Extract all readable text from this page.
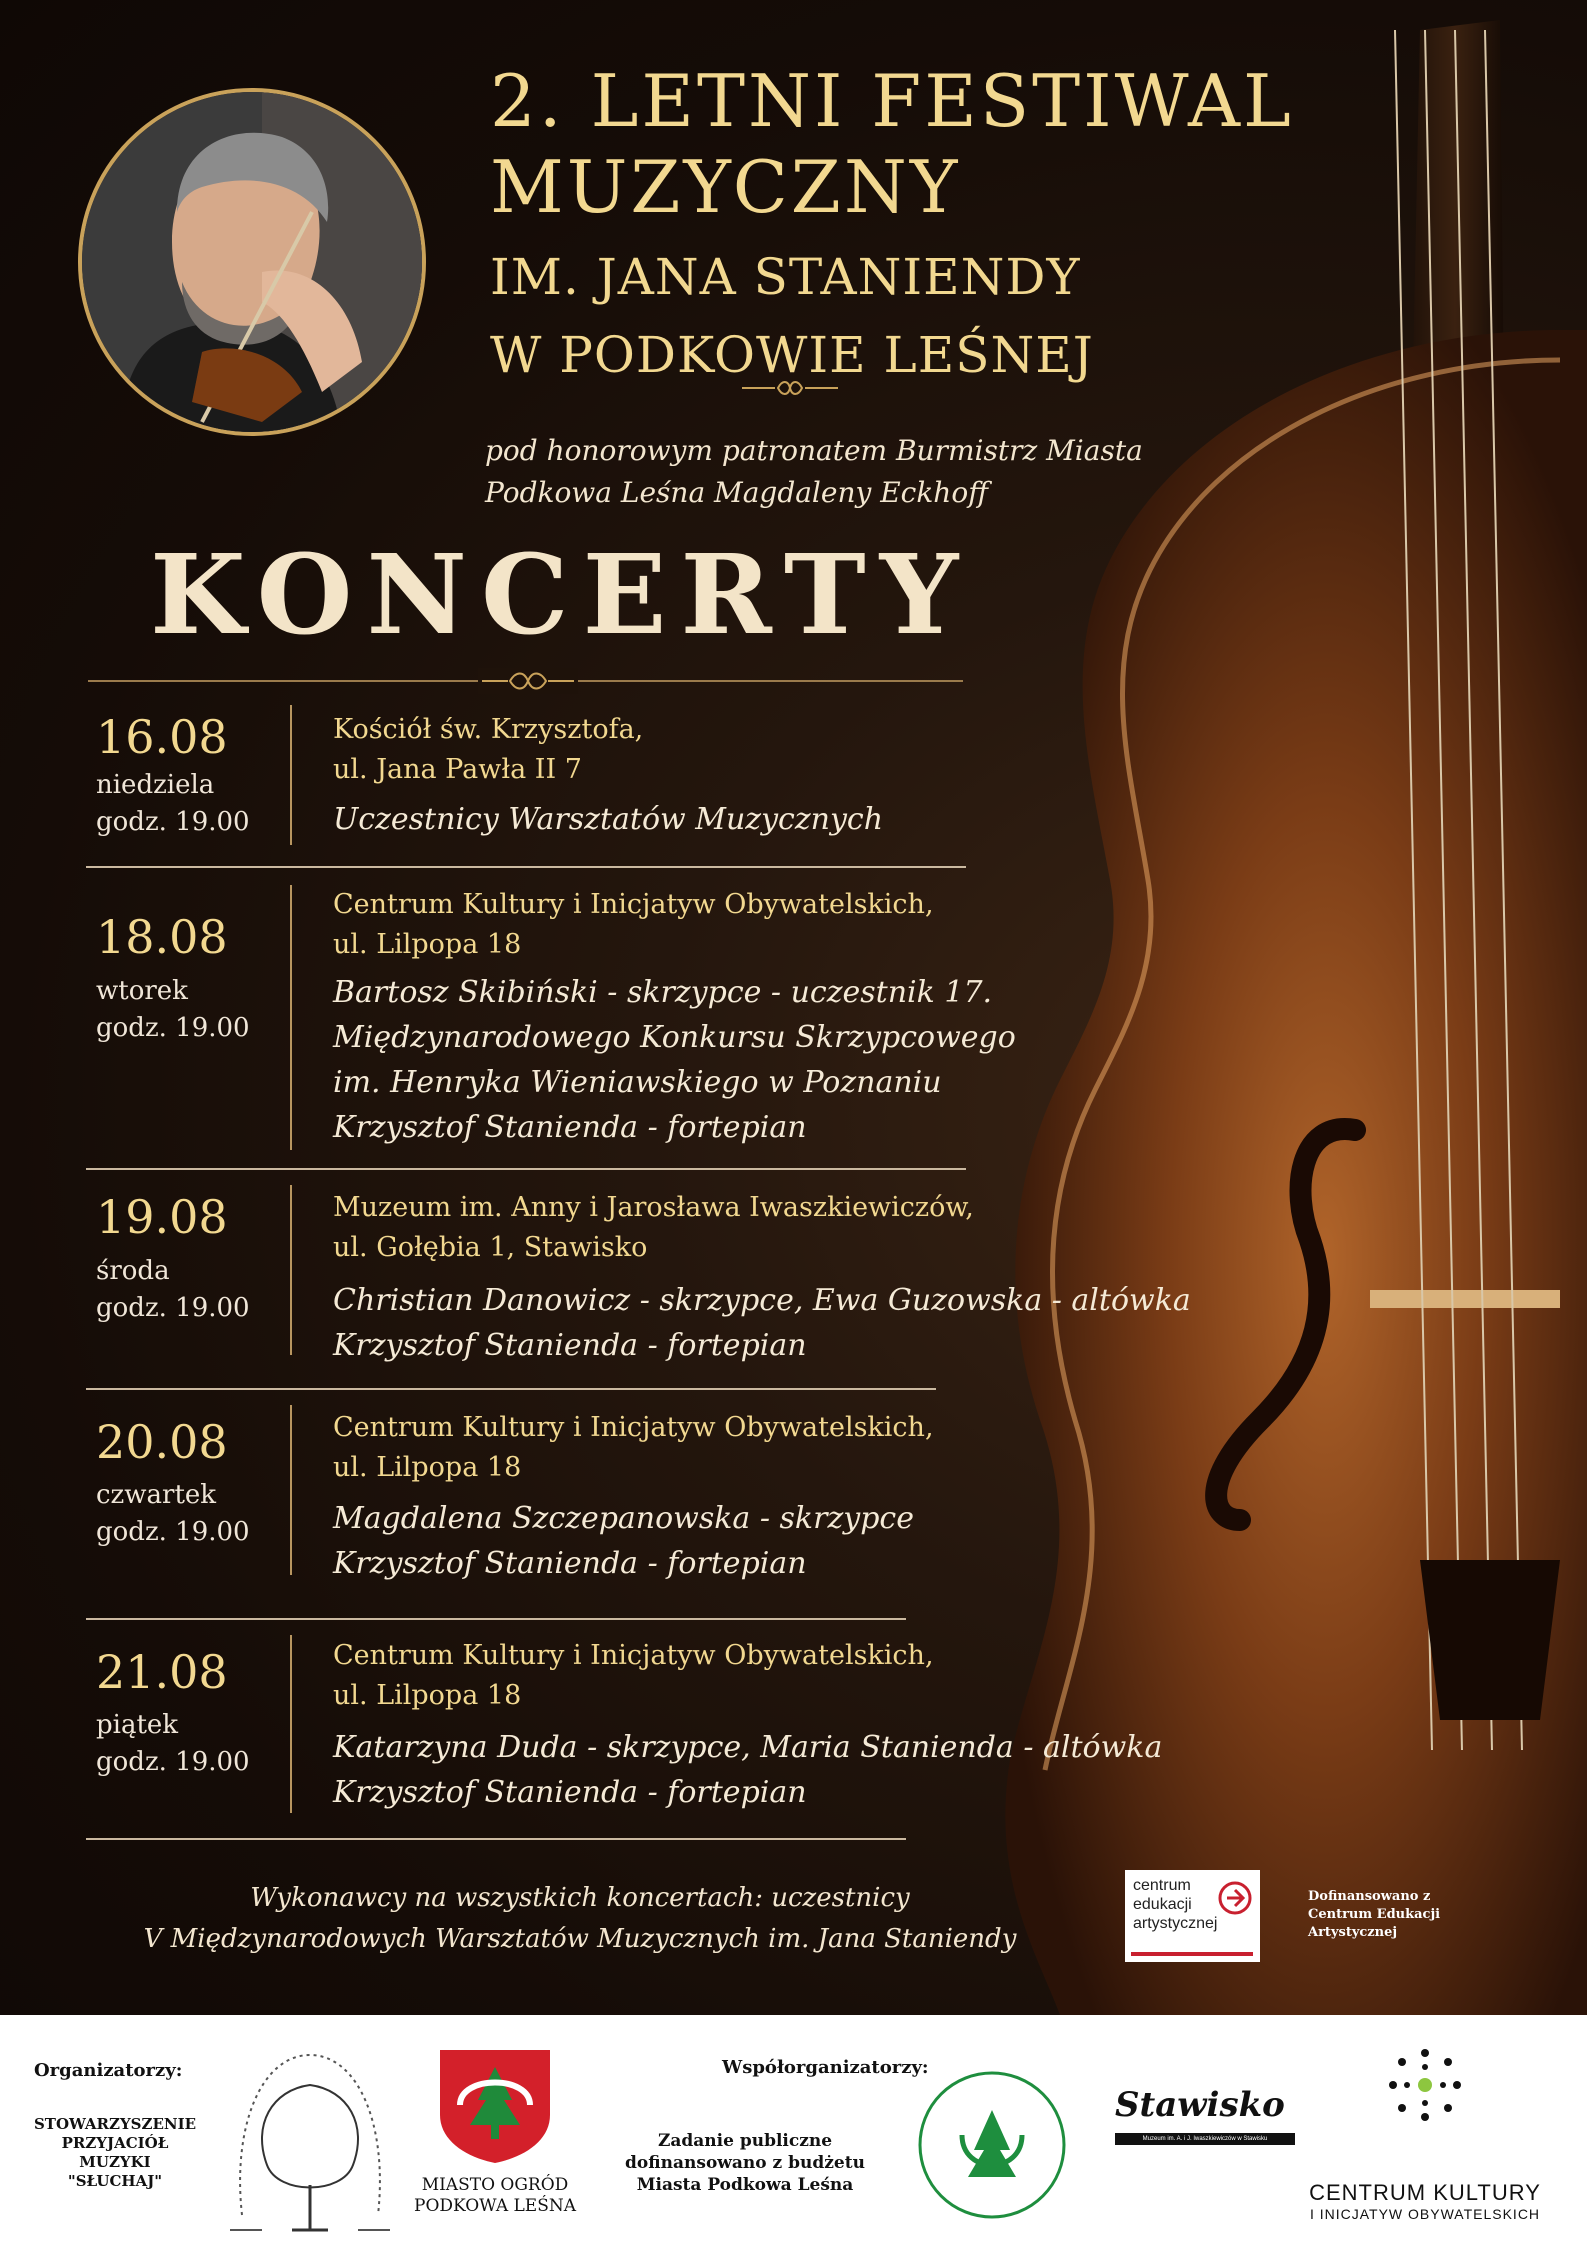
2. LETNI FESTIWAL
MUZYCZNY
IM. JANA STANIENDY
W PODKOWIE LEŚNEJ
pod honorowym patronatem Burmistrz Miasta
Podkowa Leśna Magdaleny Eckhoff
KONCERTY
16.08
niedziela
godz. 19.00
Kościół św. Krzysztofa,
ul. Jana Pawła II 7
Uczestnicy Warsztatów Muzycznych
18.08
wtorek
godz. 19.00
Centrum Kultury i Inicjatyw Obywatelskich,
ul. Lilpopa 18
Bartosz Skibiński - skrzypce - uczestnik 17.
Międzynarodowego Konkursu Skrzypcowego
im. Henryka Wieniawskiego w Poznaniu
Krzysztof Stanienda - fortepian
19.08
środa
godz. 19.00
Muzeum im. Anny i Jarosława Iwaszkiewiczów,
ul. Gołębia 1, Stawisko
Christian Danowicz - skrzypce, Ewa Guzowska - altówka
Krzysztof Stanienda - fortepian
20.08
czwartek
godz. 19.00
Centrum Kultury i Inicjatyw Obywatelskich,
ul. Lilpopa 18
Magdalena Szczepanowska - skrzypce
Krzysztof Stanienda - fortepian
21.08
piątek
godz. 19.00
Centrum Kultury i Inicjatyw Obywatelskich,
ul. Lilpopa 18
Katarzyna Duda - skrzypce, Maria Stanienda - altówka
Krzysztof Stanienda - fortepian
Wykonawcy na wszystkich koncertach: uczestnicy
V Międzynarodowych Warsztatów Muzycznych im. Jana Staniendy
centrum
edukacji
artystycznej
Dofinansowano z
Centrum Edukacji
Artystycznej
Organizatorzy:
STOWARZYSZENIE
PRZYJACIÓŁ
MUZYKI
"SŁUCHAJ"	MIASTO OGRÓD
PODKOWA LEŚNA
Współorganizatorzy:
Zadanie publiczne
dofinansowano z budżetu
Miasta Podkowa Leśna
Stawisko
Muzeum im. A. i J. Iwaszkiewiczów w Stawisku
CENTRUM KULTURY
I INICJATYW OBYWATELSKICH
